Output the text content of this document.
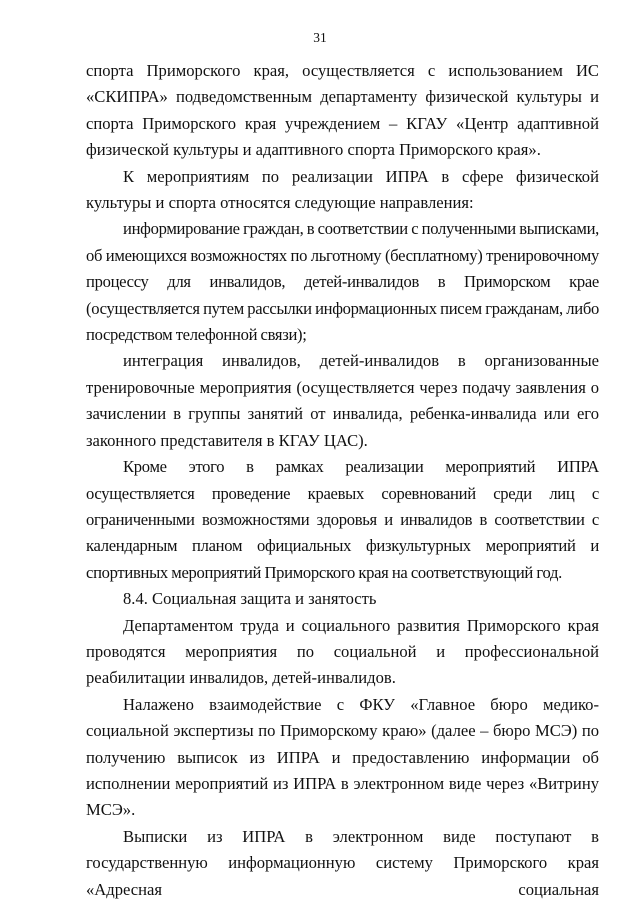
31

спорта Приморского края, осуществляется с использованием ИС «СКИПРА» подведомственным департаменту физической культуры и спорта Приморского края учреждением – КГАУ «Центр адаптивной физической культуры и адаптивного спорта Приморского края».

К мероприятиям по реализации ИПРА в сфере физической культуры и спорта относятся следующие направления:

информирование граждан, в соответствии с полученными выписками, об имеющихся возможностях по льготному (бесплатному) тренировочному процессу для инвалидов, детей-инвалидов в Приморском крае (осуществляется путем рассылки информационных писем гражданам, либо посредством телефонной связи);

интеграция инвалидов, детей-инвалидов в организованные тренировочные мероприятия (осуществляется через подачу заявления о зачислении в группы занятий от инвалида, ребенка-инвалида или его законного представителя в КГАУ ЦАС).

Кроме этого в рамках реализации мероприятий ИПРА осуществляется проведение краевых соревнований среди лиц с ограниченными возможностями здоровья и инвалидов в соответствии с календарным планом официальных физкультурных мероприятий и спортивных мероприятий Приморского края на соответствующий год.

8.4. Социальная защита и занятость

Департаментом труда и социального развития Приморского края проводятся мероприятия по социальной и профессиональной реабилитации инвалидов, детей-инвалидов.

Налажено взаимодействие с ФКУ «Главное бюро медико-социальной экспертизы по Приморскому краю» (далее – бюро МСЭ) по получению выписок из ИПРА и предоставлению информации об исполнении мероприятий из ИПРА в электронном виде через «Витрину МСЭ».

Выписки из ИПРА в электронном виде поступают в государственную информационную систему Приморского края «Адресная социальная
